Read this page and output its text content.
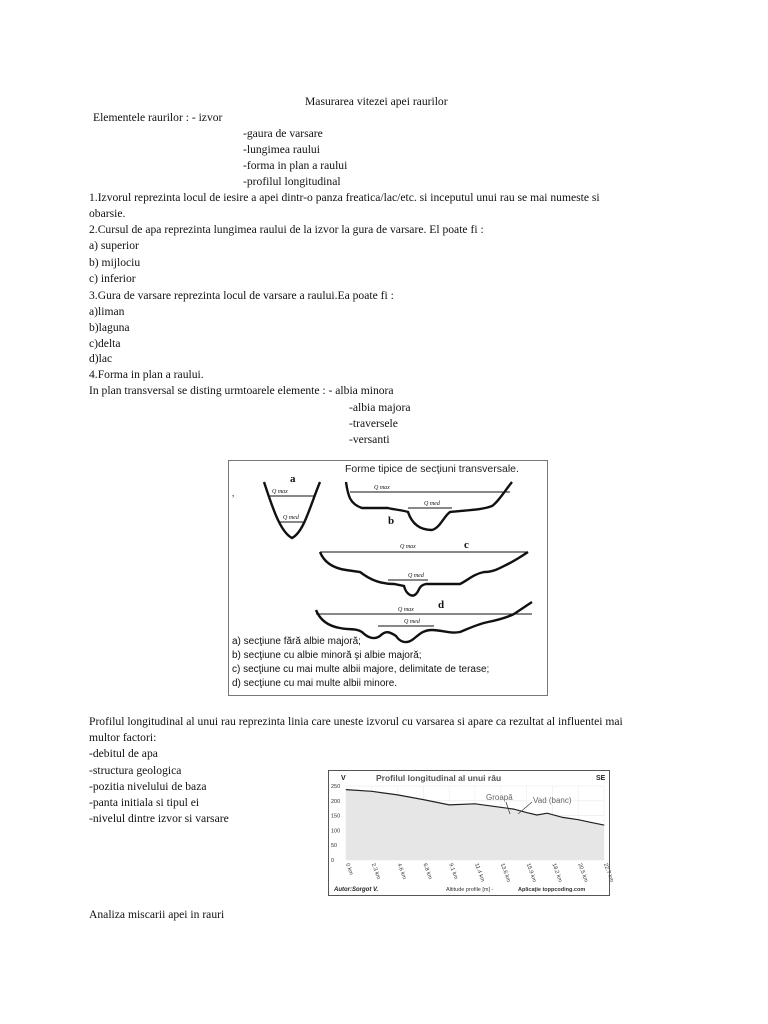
Masurarea vitezei apei raurilor
Elementele raurilor : - izvor
-gaura de varsare
-lungimea raului
-forma in plan a raului
-profilul longitudinal
1.Izvorul reprezinta locul de iesire a apei dintr-o panza freatica/lac/etc. si inceputul unui rau se mai numeste si
obarsie.
2.Cursul de apa reprezinta lungimea raului de la izvor la gura de varsare. El poate fi :
a) superior
b) mijlociu
c) inferior
3.Gura de varsare reprezinta locul de varsare a raului.Ea poate fi :
a)liman
b)laguna
c)delta
d)lac
4.Forma in plan a raului.
In plan transversal se disting urmtoarele elemente : - albia minora
-albia majora
-traversele
-versanti
Forme tipice de secţiuni transversale.
Q max
Q med
a
,	Q max
Q med
b
Q max
Q med
c
Q max
Q med
d
a) secţiune fără albie majoră;
b) secţiune cu albie minoră şi albie majoră;
c) secţiune cu mai multe albii majore, delimitate de terase;
d) secţiune cu mai multe albii minore.
Profilul longitudinal al unui rau reprezinta linia care uneste izvorul cu varsarea si apare ca rezultat al influentei mai
multor factori:
-debitul de apa
-structura geologica
-pozitia nivelului de baza
-panta initiala si tipul ei
-nivelul dintre izvor si varsare
0
50
100
150
200
250
0 km	2.3 km	4.6 km	6.8 km	9.1 km	11.4 km 13.6 km 15.9 km 18.2 km 20.5 km 22.7 km
Profilul longitudinal al unui râu
V	SE
Groapă	Vad (banc)
Autor:Sorgot V.	Altitude profile [m] -	Aplicaţie toppcoding.com
Analiza miscarii apei in rauri
